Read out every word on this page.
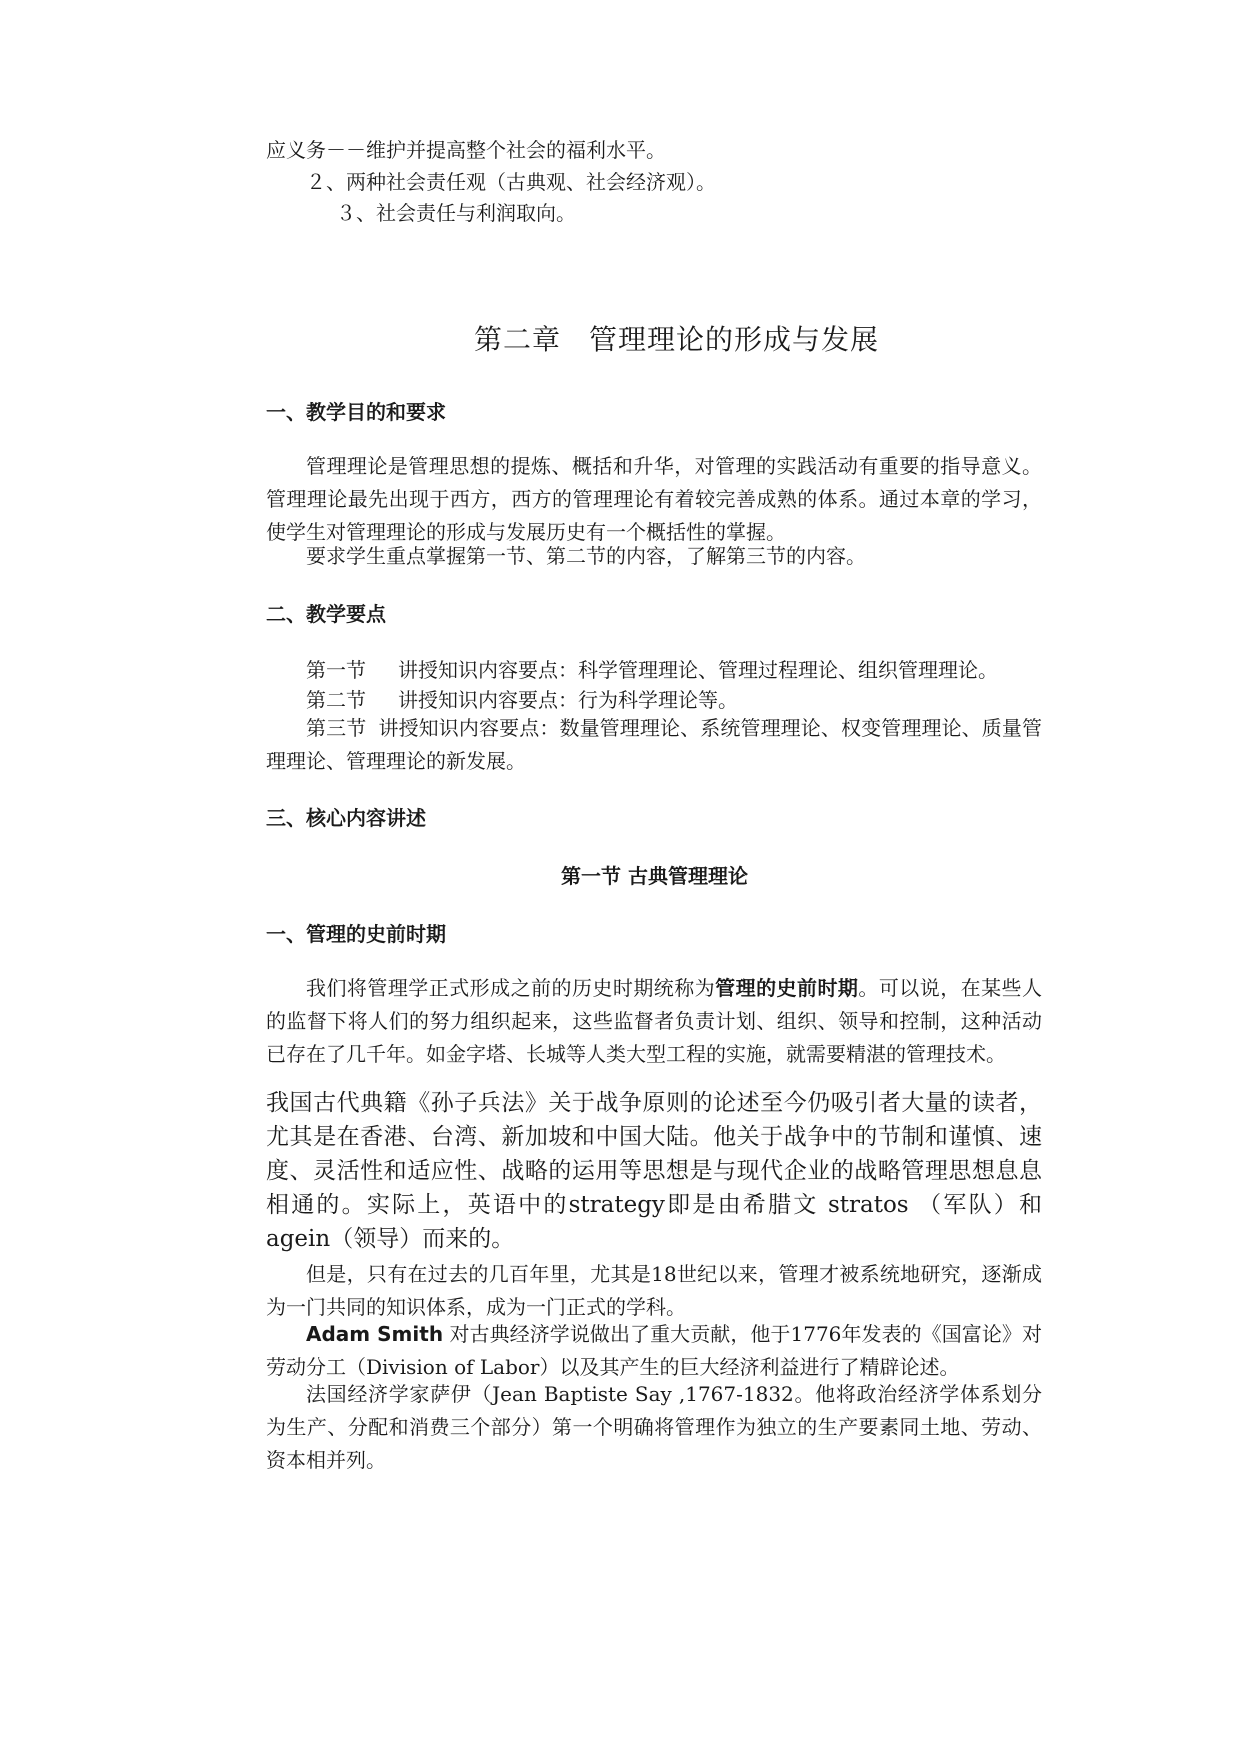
应义务－－维护并提高整个社会的福利水平。

２、两种社会责任观（古典观、社会经济观）。

３、社会责任与利润取向。

第二章 管理理论的形成与发展
一、教学目的和要求

管理理论是管理思想的提炼、概括和升华，对管理的实践活动有重要的指导意义。管理理论最先出现于西方，西方的管理理论有着较完善成熟的体系。通过本章的学习，使学生对管理理论的形成与发展历史有一个概括性的掌握。

要求学生重点掌握第一节、第二节的内容，了解第三节的内容。

二、教学要点

第一节 讲授知识内容要点：科学管理理论、管理过程理论、组织管理理论。

第二节 讲授知识内容要点：行为科学理论等。

第三节 讲授知识内容要点：数量管理理论、系统管理理论、权变管理理论、质量管理理论、管理理论的新发展。

三、核心内容讲述
第一节 古典管理理论
一、管理的史前时期

我们将管理学正式形成之前的历史时期统称为管理的史前时期。可以说，在某些人的监督下将人们的努力组织起来，这些监督者负责计划、组织、领导和控制，这种活动已存在了几千年。如金字塔、长城等人类大型工程的实施，就需要精湛的管理技术。

我国古代典籍《孙子兵法》关于战争原则的论述至今仍吸引者大量的读者，尤其是在香港、台湾、新加坡和中国大陆。他关于战争中的节制和谨慎、速度、灵活性和适应性、战略的运用等思想是与现代企业的战略管理思想息息相通的。实际上，英语中的strategy即是由希腊文 stratos （军队）和agein（领导）而来的。

但是，只有在过去的几百年里，尤其是18世纪以来，管理才被系统地研究，逐渐成为一门共同的知识体系，成为一门正式的学科。

Adam Smith 对古典经济学说做出了重大贡献，他于1776年发表的《国富论》对劳动分工（Division of Labor）以及其产生的巨大经济利益进行了精辟论述。

法国经济学家萨伊（Jean Baptiste Say ,1767-1832。他将政治经济学体系划分为生产、分配和消费三个部分）第一个明确将管理作为独立的生产要素同土地、劳动、资本相并列。
